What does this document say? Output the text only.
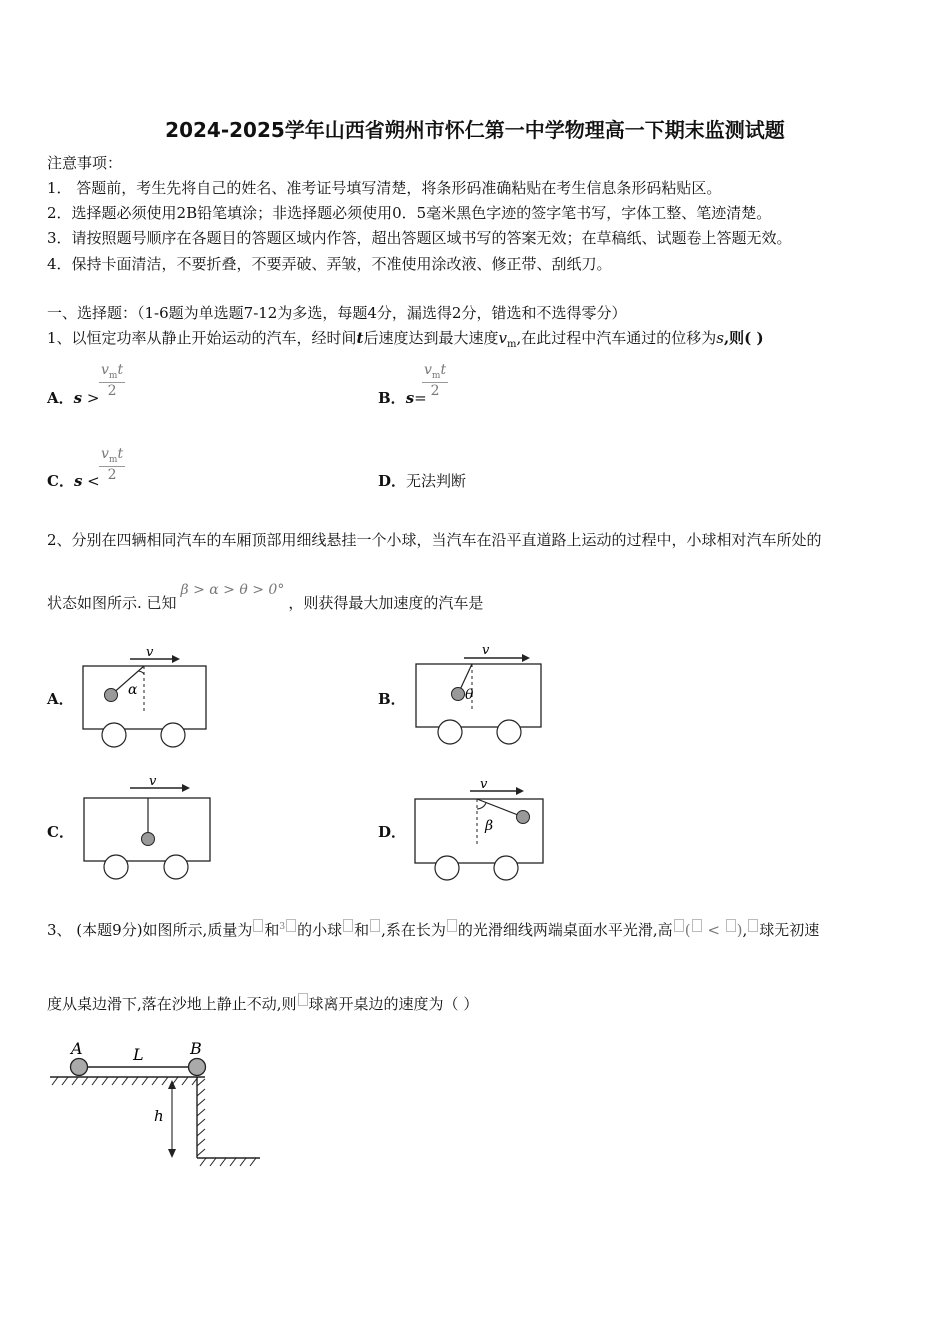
2024-2025学年山西省朔州市怀仁第一中学物理高一下期末监测试题
注意事项：
1． 答题前，考生先将自己的姓名、准考证号填写清楚，将条形码准确粘贴在考生信息条形码粘贴区。
2．选择题必须使用2B铅笔填涂；非选择题必须使用0．5毫米黑色字迹的签字笔书写，字体工整、笔迹清楚。
3．请按照题号顺序在各题目的答题区域内作答，超出答题区域书写的答案无效；在草稿纸、试题卷上答题无效。
4．保持卡面清洁，不要折叠，不要弄破、弄皱，不准使用涂改液、修正带、刮纸刀。
一、选择题：（1-6题为单选题7-12为多选，每题4分，漏选得2分，错选和不选得零分）
1、以恒定功率从静止开始运动的汽车，经时间t后速度达到最大速度$v_m$,在此过程中汽车通过的位移为s,则( )
A．s >
$v_mt$
2	B．s=
$v_mt$
2
C．s <
$v_mt$
2	D．无法判断
2、分别在四辆相同汽车的车厢顶部用细线悬挂一个小球，当汽车在沿平直道路上运动的过程中，小球相对汽车所处的
状态如图所示. 已知β > α > θ > 0°，则获得最大加速度的汽车是
A．	B．
C．	D．
v
α
v
θ
v	v
β
3、 (本题9分)如图所示,质量为 和$^3$ 的小球 和 ,系在长为 的光滑细线两端桌面水平光滑,高 ( < ), 球无初速
度从桌边滑下,落在沙地上静止不动,则 球离开桌边的速度为（ ）
A	L	B
h
